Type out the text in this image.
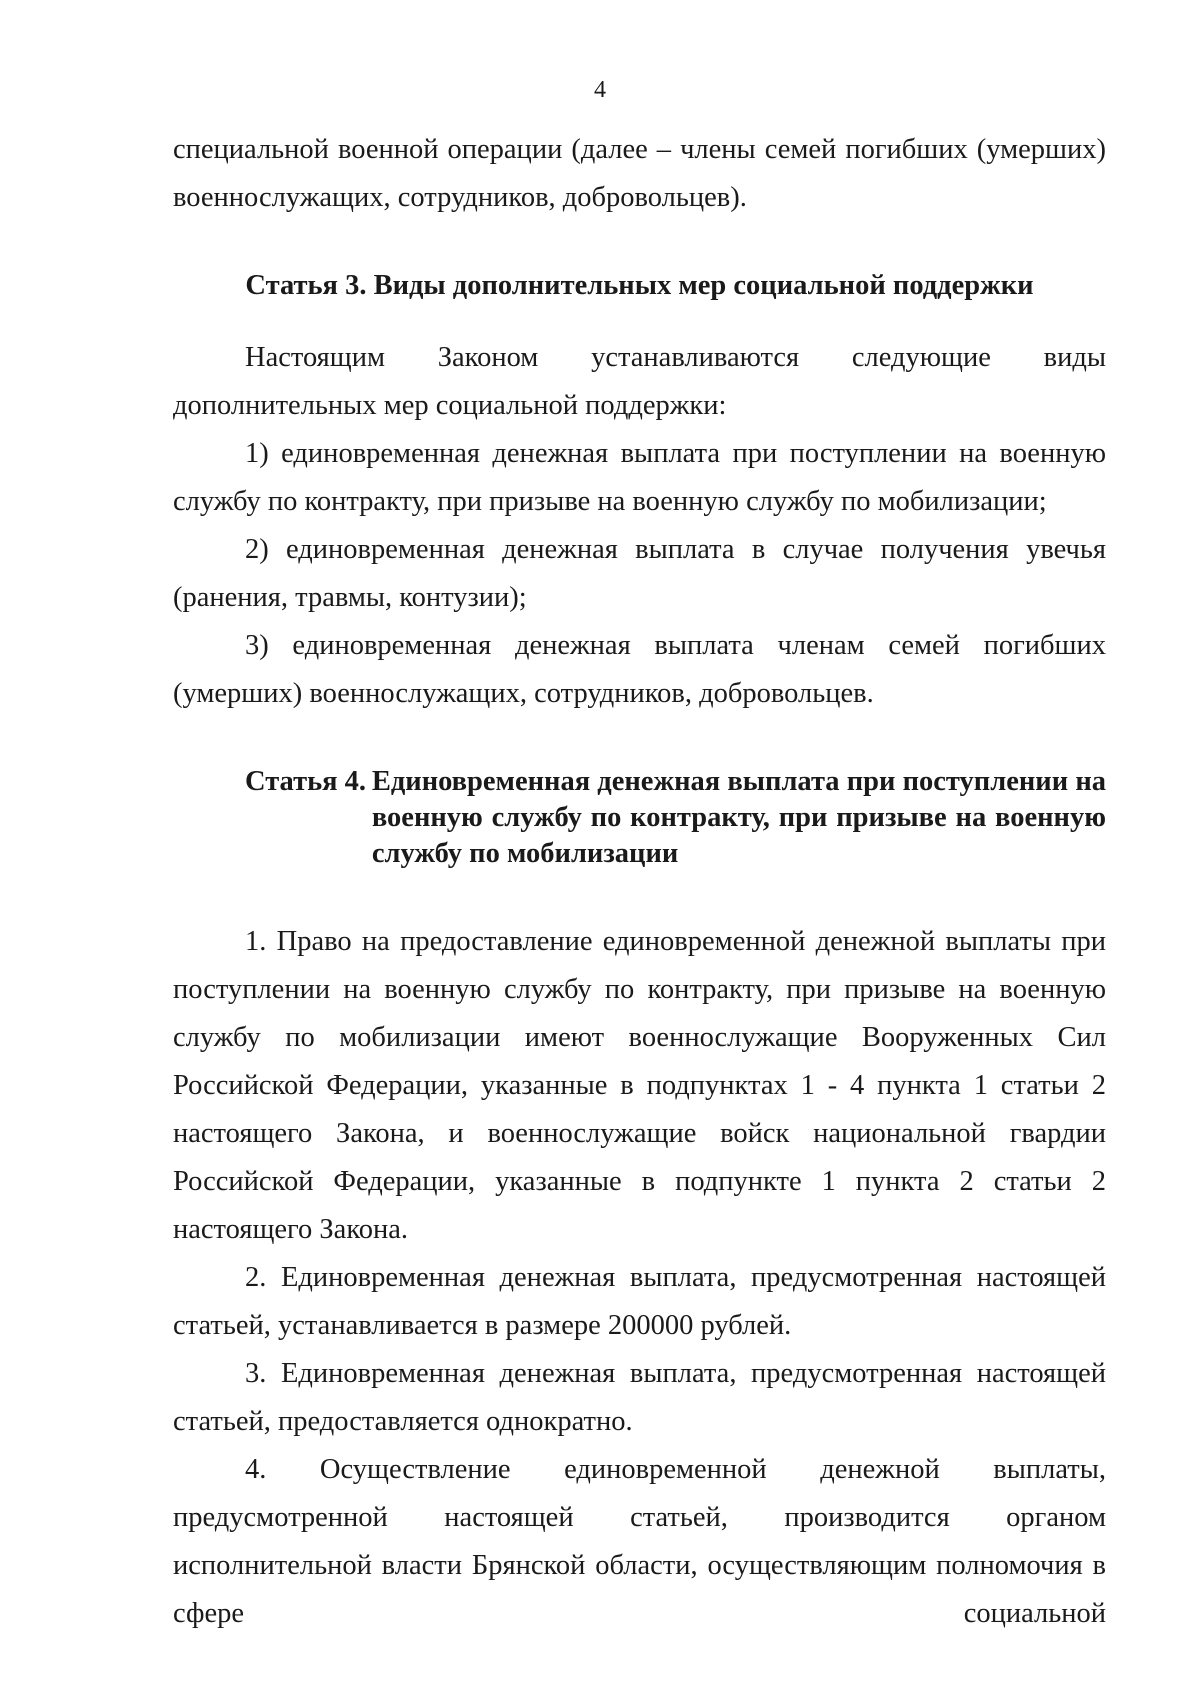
4

специальной военной операции (далее – члены семей погибших (умерших) военнослужащих, сотрудников, добровольцев).

Статья 3. Виды дополнительных мер социальной поддержки

Настоящим Законом устанавливаются следующие виды дополнительных мер социальной поддержки:

1) единовременная денежная выплата при поступлении на военную службу по контракту, при призыве на военную службу по мобилизации;

2) единовременная денежная выплата в случае получения увечья (ранения, травмы, контузии);

3) единовременная денежная выплата членам семей погибших (умерших) военнослужащих, сотрудников, добровольцев.

Статья 4. Единовременная денежная выплата при поступлении на военную службу по контракту, при призыве на военную службу по мобилизации

1. Право на предоставление единовременной денежной выплаты при поступлении на военную службу по контракту, при призыве на военную службу по мобилизации имеют военнослужащие Вооруженных Сил Российской Федерации, указанные в подпунктах 1 - 4 пункта 1 статьи 2 настоящего Закона, и военнослужащие войск национальной гвардии Российской Федерации, указанные в подпункте 1 пункта 2 статьи 2 настоящего Закона.

2. Единовременная денежная выплата, предусмотренная настоящей статьей, устанавливается в размере 200000 рублей.

3. Единовременная денежная выплата, предусмотренная настоящей статьей, предоставляется однократно.

4. Осуществление единовременной денежной выплаты, предусмотренной настоящей статьей, производится органом исполнительной власти Брянской области, осуществляющим полномочия в сфере социальной
